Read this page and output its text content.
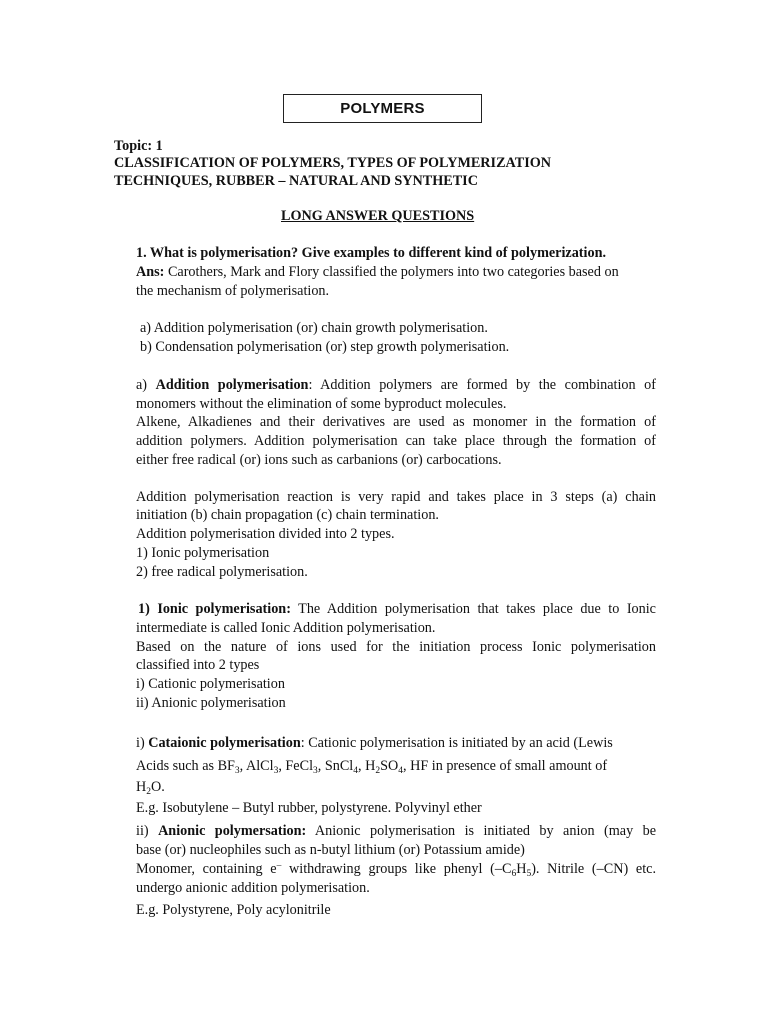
POLYMERS
Topic: 1
CLASSIFICATION OF POLYMERS, TYPES OF POLYMERIZATION
TECHNIQUES, RUBBER – NATURAL AND SYNTHETIC
LONG ANSWER QUESTIONS
1. What is polymerisation? Give examples to different kind of polymerization.
Ans: Carothers, Mark and Flory classified the polymers into two categories based on
the mechanism of polymerisation.
a) Addition polymerisation (or) chain growth polymerisation.
b) Condensation polymerisation (or) step growth polymerisation.
a) Addition polymerisation: Addition polymers are formed by the combination of
monomers without the elimination of some byproduct molecules.
Alkene, Alkadienes and their derivatives are used as monomer in the formation of
addition polymers. Addition polymerisation can take place through the formation of
either free radical (or) ions such as carbanions (or) carbocations.
Addition polymerisation reaction is very rapid and takes place in 3 steps (a) chain
initiation (b) chain propagation (c) chain termination.
Addition polymerisation divided into 2 types.
1) Ionic polymerisation
2) free radical polymerisation.
1) Ionic polymerisation: The Addition polymerisation that takes place due to Ionic
intermediate is called Ionic Addition polymerisation.
Based on the nature of ions used for the initiation process Ionic polymerisation
classified into 2 types
i) Cationic polymerisation
ii) Anionic polymerisation
i) Cataionic polymerisation: Cationic polymerisation is initiated by an acid (Lewis
Acids such as $BF_3$, AlCl$_3$, FeCl$_3$, SnCl$_4$, $H_2SO_4$, HF in presence of small amount of
$H_2O$.
E.g. Isobutylene – Butyl rubber, polystyrene. Polyvinyl ether
ii) Anionic polymersation: Anionic polymerisation is initiated by anion (may be
base (or) nucleophiles such as n-butyl lithium (or) Potassium amide)
Monomer, containing e– withdrawing groups like phenyl $(-C_6H_5)$. Nitrile (–CN) etc.
undergo anionic addition polymerisation.
E.g. Polystyrene, Poly acylonitrile
